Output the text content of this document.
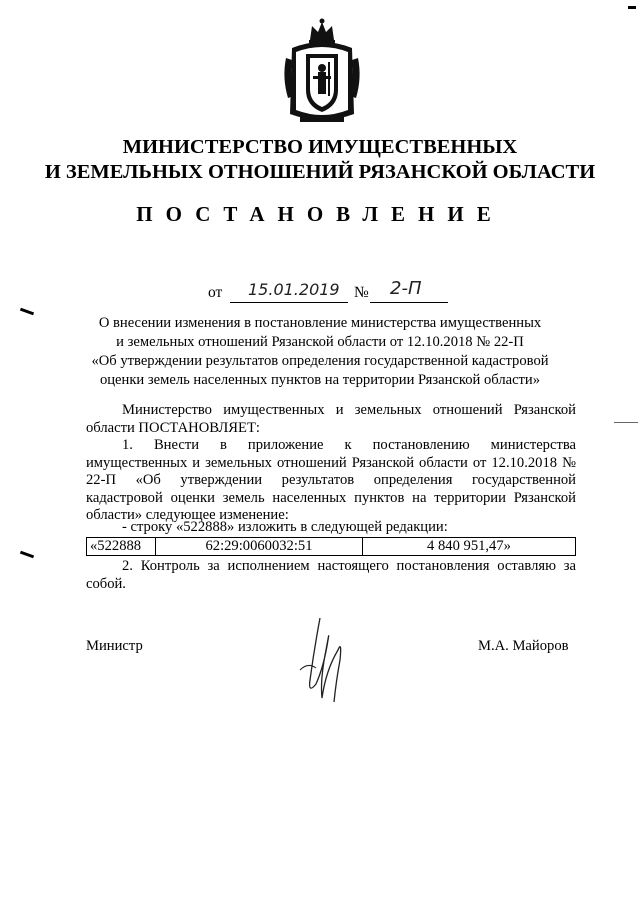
МИНИСТЕРСТВО ИМУЩЕСТВЕННЫХ
И ЗЕМЕЛЬНЫХ ОТНОШЕНИЙ РЯЗАНСКОЙ ОБЛАСТИ
ПОСТАНОВЛЕНИЕ
от 15.01.2019 № 2-П
О внесении изменения в постановление министерства имущественных
и земельных отношений Рязанской области от 12.10.2018 № 22-П
«Об утверждении результатов определения государственной кадастровой
оценки земель населенных пунктов на территории Рязанской области»
Министерство имущественных и земельных отношений Рязанской области ПОСТАНОВЛЯЕТ:
1. Внести в приложение к постановлению министерства имущественных и земельных отношений Рязанской области от 12.10.2018 № 22-П «Об утверждении результатов определения государственной кадастровой оценки земель населенных пунктов на территории Рязанской области» следующее изменение:
- строку «522888» изложить в следующей редакции:
«522888	62:29:0060032:51	4 840 951,47»
2. Контроль за исполнением настоящего постановления оставляю за собой.
Министр	М.А. Майоров
